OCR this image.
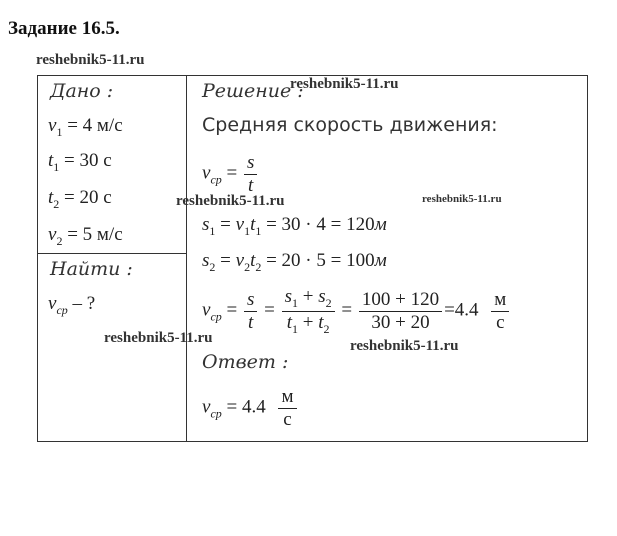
Задание 16.5.
reshebnik5-11.ru
Дано :
$v_1 = 4$ м/с
$t_1 = 30$ с
$t_2 = 20$ с
$v_2 = 5$ м/с
Найти :
$v_{ср}$ – ?
Решение :
reshebnik5-11.ru
Средняя скорость движения:
$v_{ср} = \frac{s}{t}$
reshebnik5-11.ru	reshebnik5-11.ru
$s_1 = v_1t_1 = 30 \cdot 4 = 120м$
$s_2 = v_2t_2 = 20 \cdot 5 = 100м$
$v_{ср} = \frac{s}{t} = \frac{s_1 + s_2}{t_1 + t_2} = \frac{100 + 120}{30 + 20} =4.4 \frac{м}{с}$
reshebnik5-11.ru	reshebnik5-11.ru
Ответ :
$v_{ср} = 4.4 \frac{м}{с}$
